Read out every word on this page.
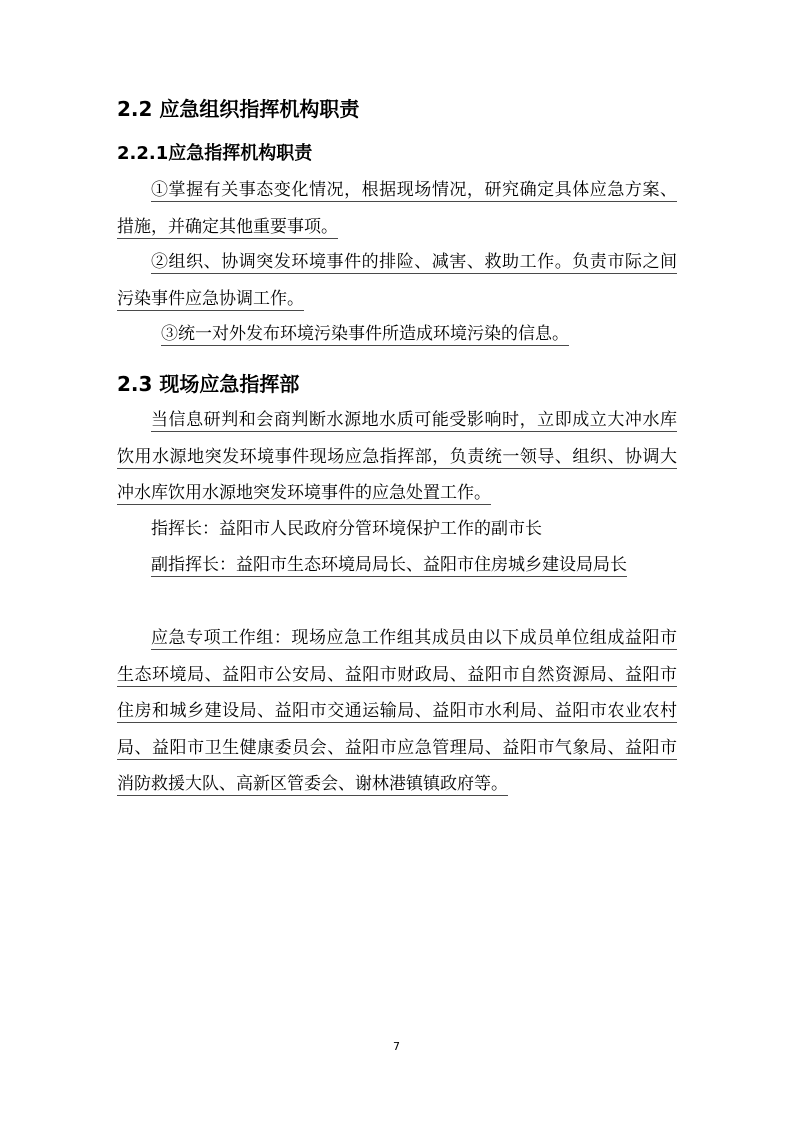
2.2 应急组织指挥机构职责
2.2.1应急指挥机构职责

①掌握有关事态变化情况，根据现场情况，研究确定具体应急方案、措施，并确定其他重要事项。

②组织、协调突发环境事件的排险、减害、救助工作。负责市际之间污染事件应急协调工作。

③统一对外发布环境污染事件所造成环境污染的信息。

2.3 现场应急指挥部

当信息研判和会商判断水源地水质可能受影响时，立即成立大冲水库饮用水源地突发环境事件现场应急指挥部，负责统一领导、组织、协调大冲水库饮用水源地突发环境事件的应急处置工作。

指挥长：益阳市人民政府分管环境保护工作的副市长

副指挥长：益阳市生态环境局局长、益阳市住房城乡建设局局长

应急专项工作组：现场应急工作组其成员由以下成员单位组成益阳市生态环境局、益阳市公安局、益阳市财政局、益阳市自然资源局、益阳市住房和城乡建设局、益阳市交通运输局、益阳市水利局、益阳市农业农村局、益阳市卫生健康委员会、益阳市应急管理局、益阳市气象局、益阳市消防救援大队、高新区管委会、谢林港镇镇政府等。

7
